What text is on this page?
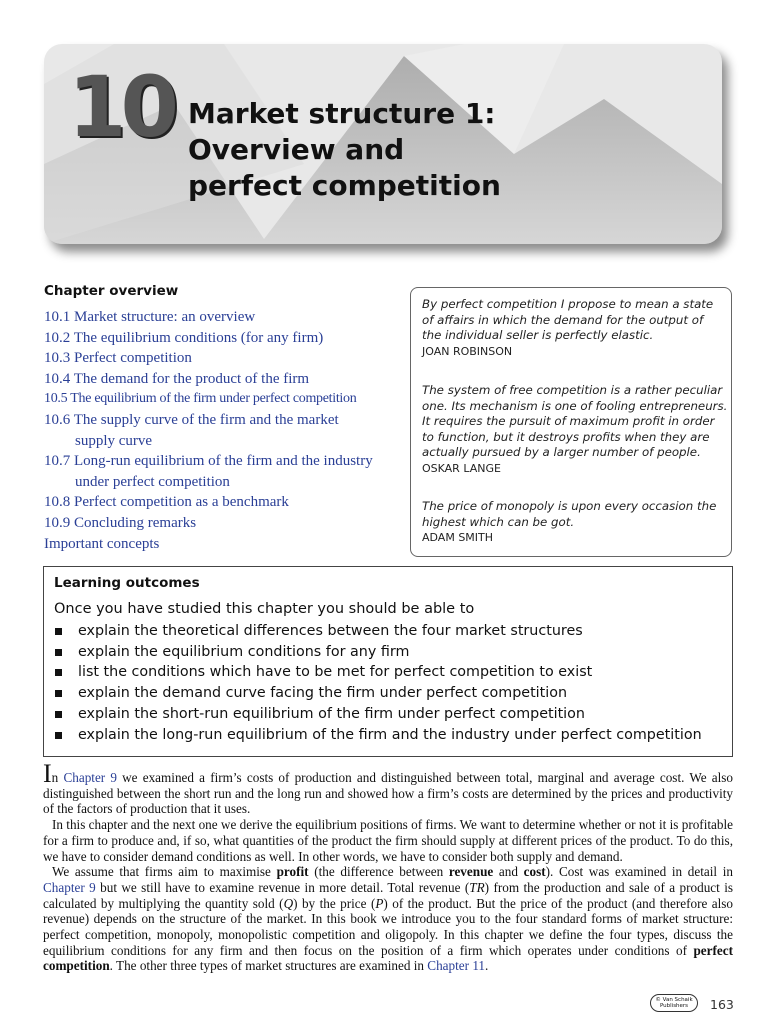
10 Market structure 1:
Overview and
perfect competition
Chapter overview
10.1 Market structure: an overview
10.2 The equilibrium conditions (for any firm)
10.3 Perfect competition
10.4 The demand for the product of the firm
10.5 The equilibrium of the firm under perfect competition
10.6 The supply curve of the firm and the market
supply curve
10.7 Long-run equilibrium of the firm and the industry
under perfect competition
10.8 Perfect competition as a benchmark
10.9 Concluding remarks
Important concepts
By perfect competition I propose to mean a state
of affairs in which the demand for the output of
the individual seller is perfectly elastic.
JOAN ROBINSON
The system of free competition is a rather peculiar
one. Its mechanism is one of fooling entrepreneurs.
It requires the pursuit of maximum profit in order
to function, but it destroys profits when they are
actually pursued by a larger number of people.
OSKAR LANGE
The price of monopoly is upon every occasion the
highest which can be got.
ADAM SMITH
Learning outcomes
Once you have studied this chapter you should be able to
explain the theoretical differences between the four market structures
explain the equilibrium conditions for any firm
list the conditions which have to be met for perfect competition to exist
explain the demand curve facing the firm under perfect competition
explain the short-run equilibrium of the firm under perfect competition
explain the long-run equilibrium of the firm and the industry under perfect competition

In Chapter 9 we examined a firm’s costs of production and distinguished between total, marginal and average cost. We also distinguished between the short run and the long run and showed how a firm’s costs are determined by the prices and productivity of the factors of production that it uses.

In this chapter and the next one we derive the equilibrium positions of firms. We want to determine whether or not it is profitable for a firm to produce and, if so, what quantities of the product the firm should supply at different prices of the product. To do this, we have to consider demand conditions as well. In other words, we have to consider both supply and demand.

We assume that firms aim to maximise profit (the difference between revenue and cost). Cost was examined in detail in Chapter 9 but we still have to examine revenue in more detail. Total revenue (TR) from the production and sale of a product is calculated by multiplying the quantity sold (Q) by the price (P) of the product. But the price of the product (and therefore also revenue) depends on the structure of the market. In this book we introduce you to the four standard forms of market structure: perfect competition, monopoly, monopolistic competition and oligopoly. In this chapter we define the four types, discuss the equilibrium conditions for any firm and then focus on the position of a firm which operates under conditions of perfect competition. The other three types of market structures are examined in Chapter 11.

© Van Schaik
Publishers	163
